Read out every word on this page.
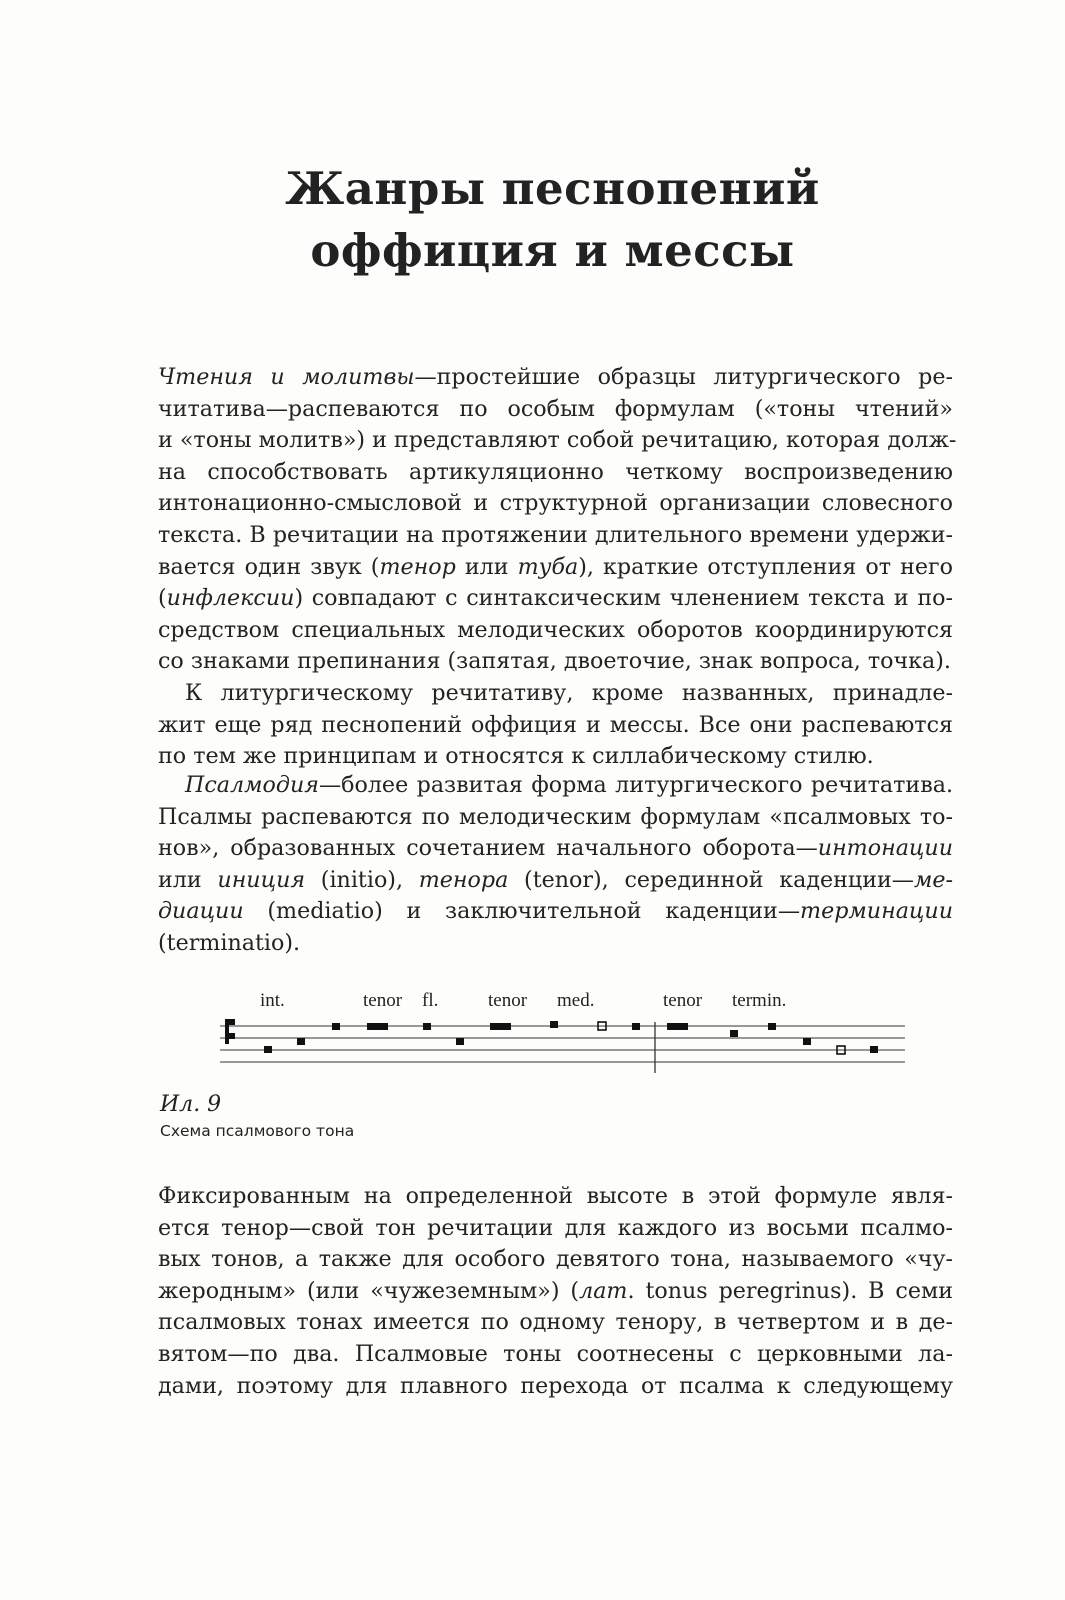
Жанры песнопений
оффиция и мессы
Чтения и молитвы—простейшие образцы литургического ре-
читатива—распеваются по особым формулам («тоны чтений»
и «тоны молитв») и представляют собой речитацию, которая долж-
на способствовать артикуляционно четкому воспроизведению
интонационно-смысловой и структурной организации словесного
текста. В речитации на протяжении длительного времени удержи-
вается один звук (тенор или туба), краткие отступления от него
(инфлексии) совпадают с синтаксическим членением текста и по-
средством специальных мелодических оборотов координируются
со знаками препинания (запятая, двоеточие, знак вопроса, точка).
К литургическому речитативу, кроме названных, принадле-
жит еще ряд песнопений оффиция и мессы. Все они распеваются
по тем же принципам и относятся к силлабическому стилю.
Псалмодия—более развитая форма литургического речитатива.
Псалмы распеваются по мелодическим формулам «псалмовых то-
нов», образованных сочетанием начального оборота—интонации
или иниция (initio), тенора (tenor), серединной каденции—ме-
диации (mediatio) и заключительной каденции—терминации
(terminatio).
int.	tenor fl.	tenor med.	tenor termin.
Ил. 9
Схема псалмового тона
Фиксированным на определенной высоте в этой формуле явля-
ется тенор—свой тон речитации для каждого из восьми псалмо-
вых тонов, а также для особого девятого тона, называемого «чу-
жеродным» (или «чужеземным») (лат. tonus peregrinus). В семи
псалмовых тонах имеется по одному тенору, в четвертом и в де-
вятом—по два. Псалмовые тоны соотнесены с церковными ла-
дами, поэтому для плавного перехода от псалма к следующему
